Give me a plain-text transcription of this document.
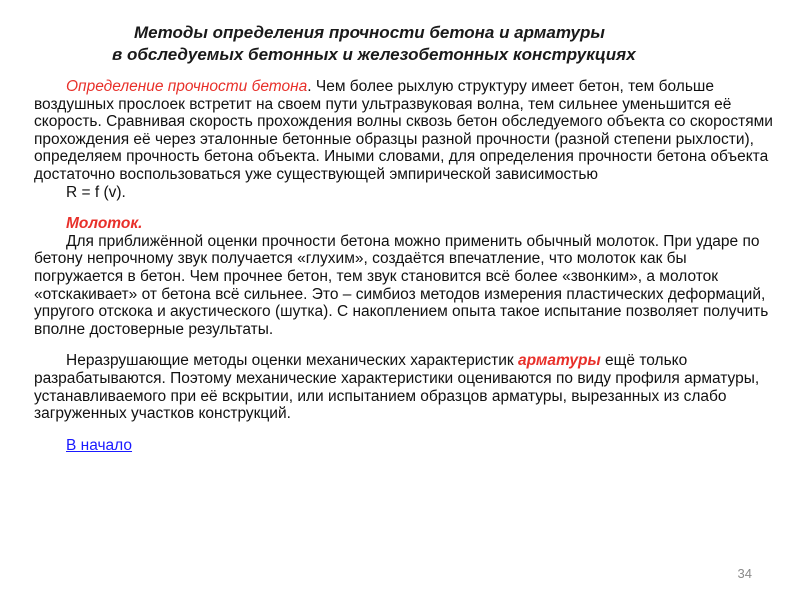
Методы определения прочности бетона и арматуры
в обследуемых бетонных и железобетонных конструкциях

Определение прочности бетона. Чем более рыхлую структуру имеет бетон, тем больше воздушных прослоек встретит на своем пути ультразвуковая волна, тем сильнее уменьшится её скорость. Сравнивая скорость прохождения волны сквозь бетон обследуемого объекта со скоростями прохождения её через эталонные бетонные образцы разной прочности (разной степени рыхлости), определяем прочность бетона объекта. Иными словами, для определения прочности бетона объекта достаточно воспользоваться уже существующей эмпирической зависимостью

R = f (v).

Молоток.

Для приближённой оценки прочности бетона можно применить обычный молоток. При ударе по бетону непрочному звук получается «глухим», создаётся впечатление, что молоток как бы погружается в бетон. Чем прочнее бетон, тем звук становится всё более «звонким», а молоток «отскакивает» от бетона всё сильнее. Это – симбиоз методов измерения пластических деформаций, упругого отскока и акустического (шутка). С накоплением опыта такое испытание позволяет получить вполне достоверные результаты.

Неразрушающие методы оценки механических характеристик арматуры ещё только разрабатываются. Поэтому механические характеристики оцениваются по виду профиля арматуры, устанавливаемого при её вскрытии, или испытанием образцов арматуры, вырезанных из слабо загруженных участков конструкций.

В начало

34
